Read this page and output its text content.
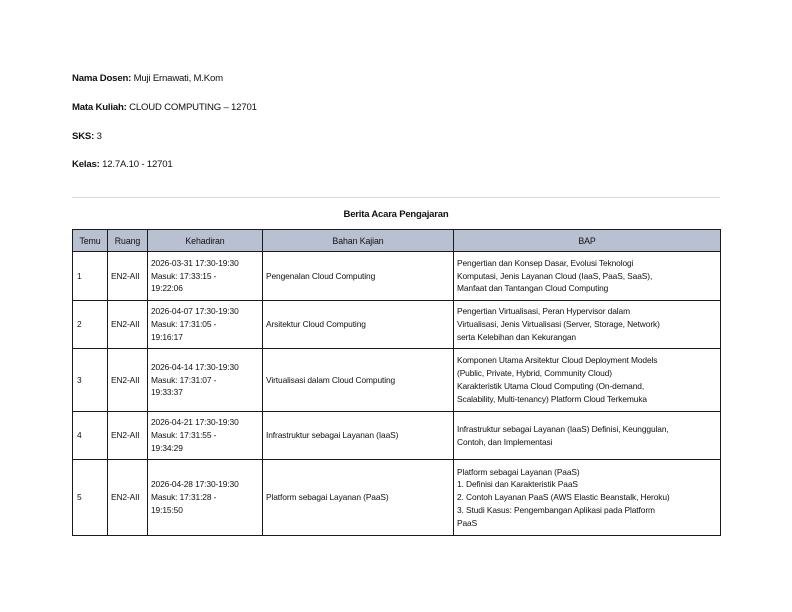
Nama Dosen: Muji Ernawati, M.Kom
Mata Kuliah: CLOUD COMPUTING – 12701
SKS: 3
Kelas: 12.7A.10 - 12701
Berita Acara Pengajaran
Temu	Ruang	Kehadiran	Bahan Kajian	BAP
1	EN2-AII	2026-03-31 17:30-19:30
Masuk: 17:33:15 -
19:22:06	Pengenalan Cloud Computing	Pengertian dan Konsep Dasar, Evolusi Teknologi
Komputasi, Jenis Layanan Cloud (IaaS, PaaS, SaaS),
Manfaat dan Tantangan Cloud Computing

2	EN2-AII	2026-04-07 17:30-19:30
Masuk: 17:31:05 -
19:16:17	Arsitektur Cloud Computing	Pengertian Virtualisasi, Peran Hypervisor dalam
Virtualisasi, Jenis Virtualisasi (Server, Storage, Network)
serta Kelebihan dan Kekurangan

3	EN2-AII	2026-04-14 17:30-19:30
Masuk: 17:31:07 -
19:33:37	Virtualisasi dalam Cloud Computing	Komponen Utama Arsitektur Cloud Deployment Models
(Public, Private, Hybrid, Community Cloud)
Karakteristik Utama Cloud Computing (On-demand,
Scalability, Multi-tenancy) Platform Cloud Terkemuka

4	EN2-AII	2026-04-21 17:30-19:30
Masuk: 17:31:55 -
19:34:29	Infrastruktur sebagai Layanan (IaaS)	Infrastruktur sebagai Layanan (IaaS) Definisi, Keunggulan,
Contoh, dan Implementasi

5	EN2-AII	2026-04-28 17:30-19:30
Masuk: 17:31:28 -
19:15:50	Platform sebagai Layanan (PaaS)	Platform sebagai Layanan (PaaS)
1. Definisi dan Karakteristik PaaS
2. Contoh Layanan PaaS (AWS Elastic Beanstalk, Heroku)
3. Studi Kasus: Pengembangan Aplikasi pada Platform
PaaS
